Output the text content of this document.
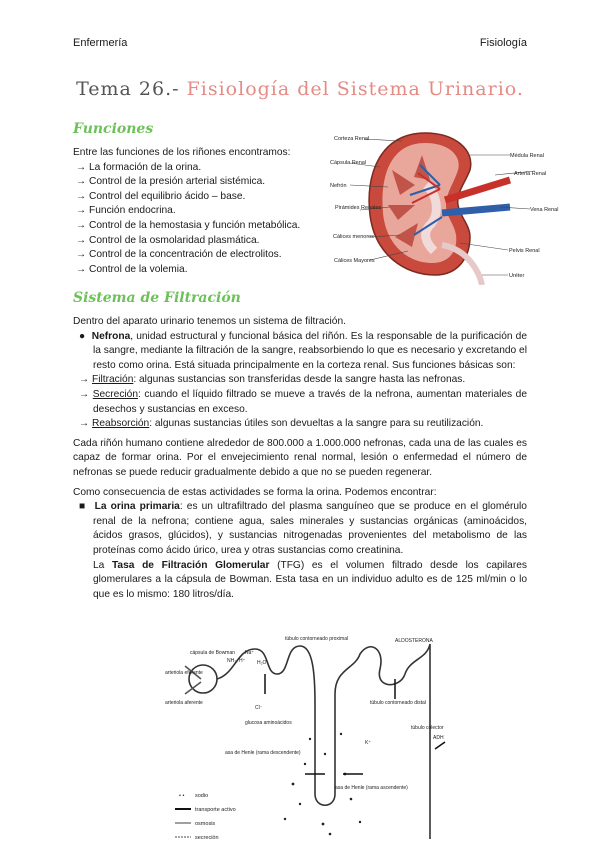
Enfermería	Fisiología
Tema 26.- Fisiología del Sistema Urinario.
Funciones
Entre las funciones de los riñones encontramos:
→ La formación de la orina.
→ Control de la presión arterial sistémica.
→ Control del equilibrio ácido – base.
→ Función endocrina.
→ Control de la hemostasia y función metabólica.
→ Control de la osmolaridad plasmática.
→ Control de la concentración de electrolitos.
→ Control de la volemia.
Corteza Renal
Cápsula Renal
Nefrón
Pirámides Renales
Cálices menores
Cálices Mayores
Médula Renal
Arteria Renal
Vena Renal
Pelvis Renal
Uréter
Sistema de Filtración
Dentro del aparato urinario tenemos un sistema de filtración.
●  Nefrona, unidad estructural y funcional básica del riñón. Es la responsable de la purificación de la sangre, mediante la filtración de la sangre, reabsorbiendo lo que es necesario y excretando el resto como orina. Está situada principalmente en la corteza renal. Sus funciones básicas son:
→ Filtración: algunas sustancias son transferidas desde la sangre hasta las nefronas.
→ Secreción: cuando el líquido filtrado se mueve a través de la nefrona, aumentan materiales de desechos y sustancias en exceso.
→ Reabsorción: algunas sustancias útiles son devueltas a la sangre para su reutilización.
Cada riñón humano contiene alrededor de 800.000 a 1.000.000 nefronas, cada una de las cuales es capaz de formar orina. Por el envejecimiento renal normal, lesión o enfermedad el número de nefronas se puede reducir gradualmente debido a que no se pueden regenerar.
Como consecuencia de estas actividades se forma la orina. Podemos encontrar:
■  La orina primaria: es un ultrafiltrado del plasma sanguíneo que se produce en el glomérulo renal de la nefrona; contiene agua, sales minerales y sustancias orgánicas (aminoácidos, ácidos grasos, glúcidos), y sustancias nitrogenadas provenientes del metabolismo de las proteínas como ácido úrico, urea y otras sustancias como creatinina.
La Tasa de Filtración Glomerular (TFG) es el volumen filtrado desde los capilares glomerulares a la cápsula de Bowman. Esta tasa en un individuo adulto es de 125 ml/min o lo que es lo mismo: 180 litros/día.
cápsula de Bowman
arteriola eferente
arteriola aferente
túbulo contorneado proximal	ALDOSTERONA
túbulo contorneado distal
túbulo colector
ADH
glucosa aminoácidos
asa de Henle (rama descendente)
asa de Henle (rama ascendente)
H₂O
Na⁺
NH₃, H⁺
Cl⁻
K⁺
• • sodio
transporte activo
osmosis
secreción
